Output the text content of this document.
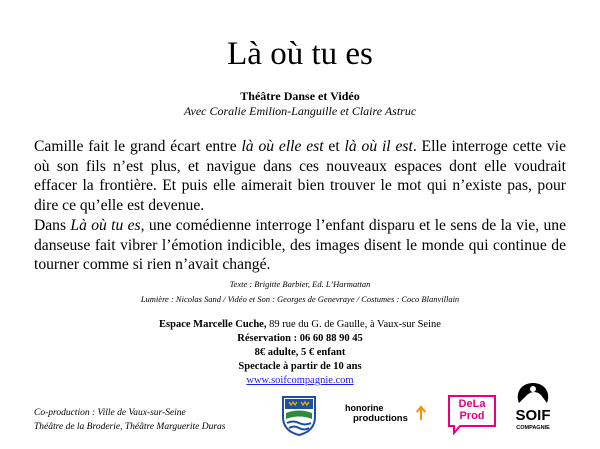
Là où tu es
Théâtre Danse et Vidéo
Avec Coralie Emilion-Languille et Claire Astruc
Camille fait le grand écart entre là où elle est et là où il est. Elle interroge cette vie où son fils n’est plus, et navigue dans ces nouveaux espaces dont elle voudrait effacer la frontière. Et puis elle aimerait bien trouver le mot qui n’existe pas, pour dire ce qu’elle est devenue.
Dans Là où tu es, une comédienne interroge l’enfant disparu et le sens de la vie, une danseuse fait vibrer l’émotion indicible, des images disent le monde qui continue de tourner comme si rien n’avait changé.
Texte : Brigitte Barbier, Ed. L’Harmattan
Lumière : Nicolas Sand / Vidéo et Son : Georges de Genevraye / Costumes : Coco Blanvillain
Espace Marcelle Cuche, 89 rue du G. de Gaulle, à Vaux-sur Seine
Réservation : 06 60 88 90 45
8€ adulte, 5 € enfant
Spectacle à partir de 10 ans
www.soifcompagnie.com
Co-production : Ville de Vaux-sur-Seine
Théâtre de la Broderie, Théâtre Marguerite Duras
honorine
productions
DeLa
Prod	SOIF
COMPAGNIE
